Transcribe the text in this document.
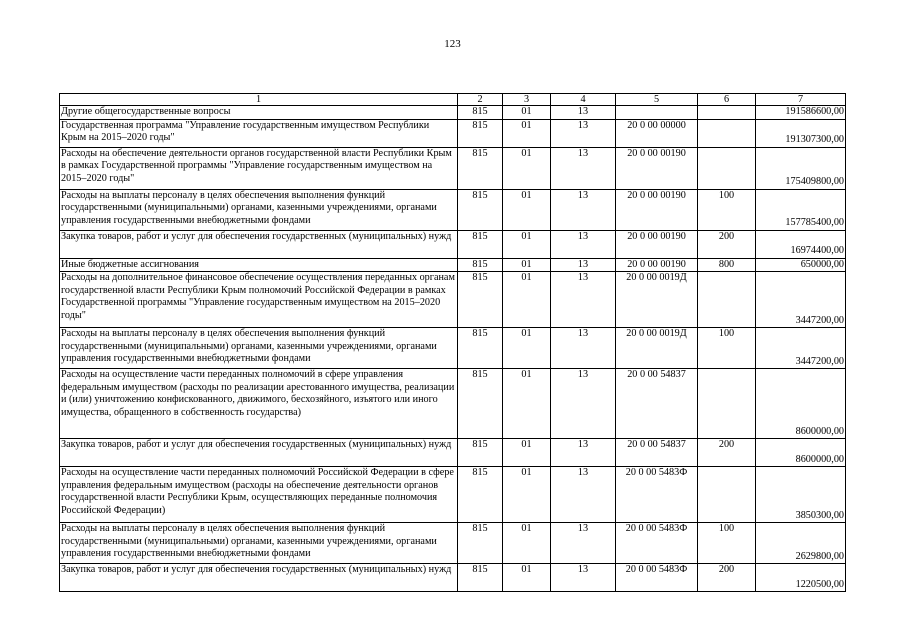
123
1	2	3	4	5	6	7
Другие общегосударственные вопросы	815	01	13			191586600,00
Государственная программа "Управление государственным имуществом Республики Крым на 2015–2020 годы"	815	01	13	20 0 00 00000		191307300,00
Расходы на обеспечение деятельности органов государственной власти Республики Крым в рамках Государственной программы "Управление государственным имуществом на 2015–2020 годы"	815	01	13	20 0 00 00190		175409800,00
Расходы на выплаты персоналу в целях обеспечения выполнения функций государственными (муниципальными) органами, казенными учреждениями, органами управления государственными внебюджетными фондами	815	01	13	20 0 00 00190	100	157785400,00
Закупка товаров, работ и услуг для обеспечения государственных (муниципальных) нужд	815	01	13	20 0 00 00190	200	16974400,00
Иные бюджетные ассигнования	815	01	13	20 0 00 00190	800	650000,00
Расходы на дополнительное финансовое обеспечение осуществления переданных органам государственной власти Республики Крым полномочий Российской Федерации в рамках Государственной программы "Управление государственным имуществом на 2015–2020 годы"	815	01	13	20 0 00 0019Д		3447200,00
Расходы на выплаты персоналу в целях обеспечения выполнения функций государственными (муниципальными) органами, казенными учреждениями, органами управления государственными внебюджетными фондами	815	01	13	20 0 00 0019Д	100	3447200,00
Расходы на осуществление части переданных полномочий в сфере управления федеральным имуществом (расходы по реализации арестованного имущества, реализации и (или) уничтожению конфискованного, движимого, бесхозяйного, изъятого или иного имущества, обращенного в собственность государства)	815	01	13	20 0 00 54837		8600000,00
Закупка товаров, работ и услуг для обеспечения государственных (муниципальных) нужд	815	01	13	20 0 00 54837	200	8600000,00
Расходы на осуществление части переданных полномочий Российской Федерации в сфере управления федеральным имуществом (расходы на обеспечение деятельности органов государственной власти Республики Крым, осуществляющих переданные полномочия Российской Федерации)	815	01	13	20 0 00 5483Ф		3850300,00
Расходы на выплаты персоналу в целях обеспечения выполнения функций государственными (муниципальными) органами, казенными учреждениями, органами управления государственными внебюджетными фондами	815	01	13	20 0 00 5483Ф	100	2629800,00
Закупка товаров, работ и услуг для обеспечения государственных (муниципальных) нужд	815	01	13	20 0 00 5483Ф	200	1220500,00
